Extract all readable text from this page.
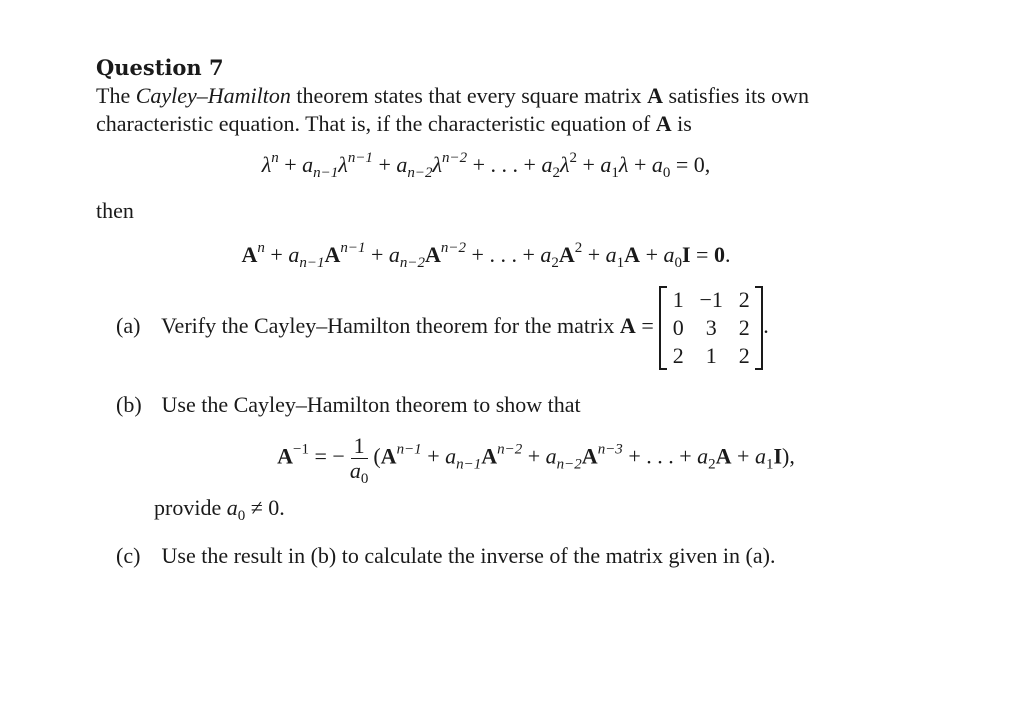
Question 7

The Cayley–Hamilton theorem states that every square matrix A satisfies its own characteristic equation. That is, if the characteristic equation of A is

$\lambda^n + a_{n-1}\lambda^{n-1} + a_{n-2}\lambda^{n-2}$ + . . . + $a_2\lambda^2 + a_1\lambda + a_0 = 0$,

then

$A^n + a_{n-1}A^{n-1} + a_{n-2}A^{n-2}$ + . . . + $a_2A^2 + a_1A + a_0I = 0$.
(a) Verify the Cayley–Hamilton theorem for the matrix A =
1 −1 2
0	3	2
2	1	2
.
(b) Use the Cayley–Hamilton theorem to show that
$A^{-1}$ = − $\frac{1}{a_0} (A^{n-1} + a_{n-1}A^{n-2} + a_{n-2}A^{n-3}$ + . . . + $a_2A + a_1I$),
provide $a_0 \ne 0$.
(c) Use the result in (b) to calculate the inverse of the matrix given in (a).
